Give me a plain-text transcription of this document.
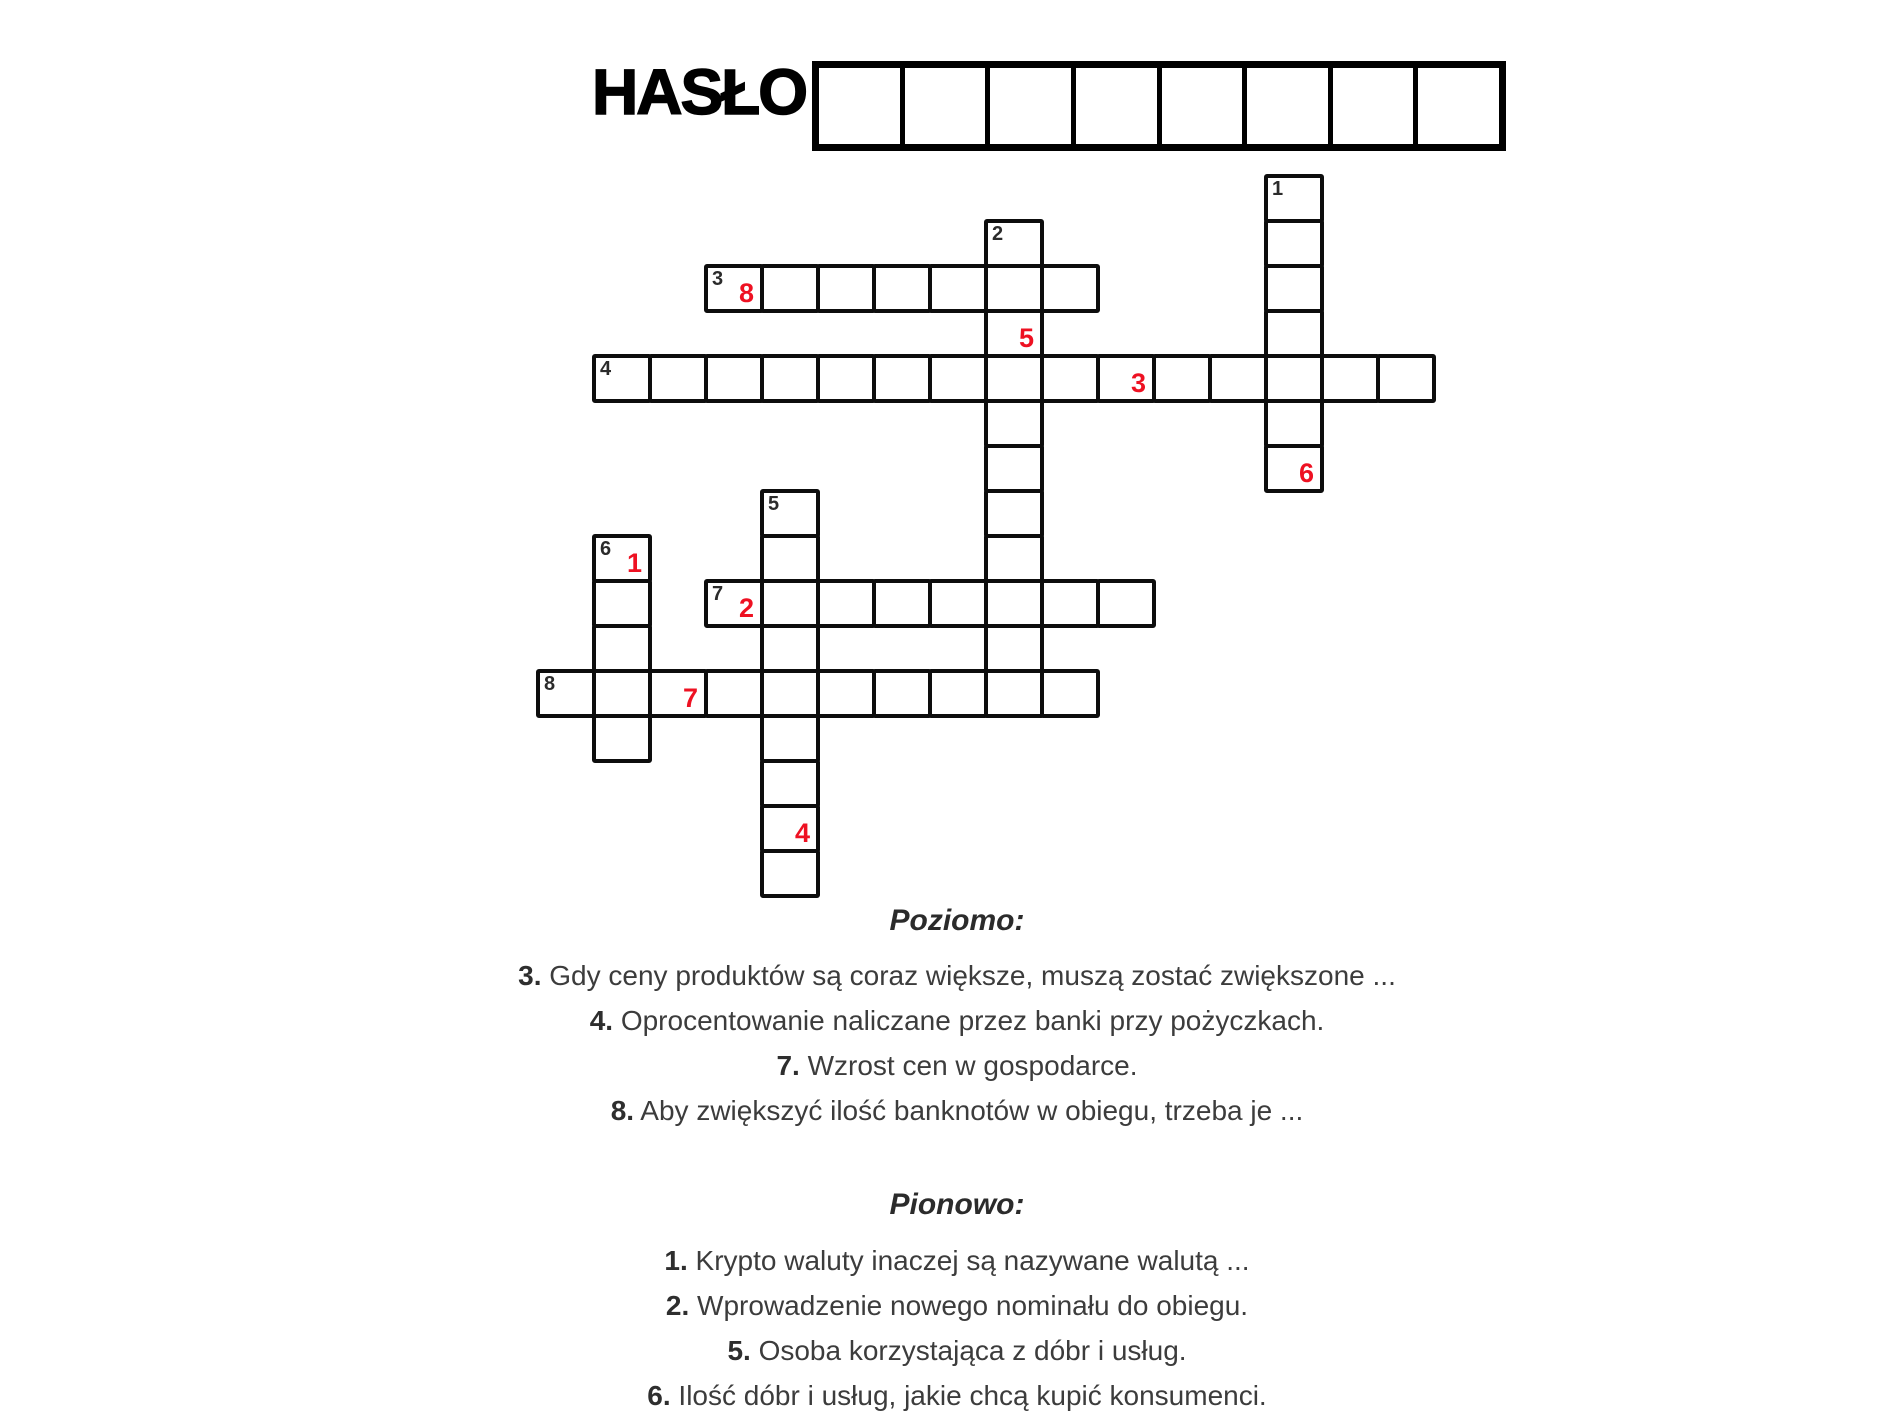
HASŁO
1
6
2
5
3 8
4	3
5
4
6 1
7 2
8	7
Poziomo:
3. Gdy ceny produktów są coraz większe, muszą zostać zwiększone ...
4. Oprocentowanie naliczane przez banki przy pożyczkach.
7. Wzrost cen w gospodarce.
8. Aby zwiększyć ilość banknotów w obiegu, trzeba je ...
Pionowo:
1. Krypto waluty inaczej są nazywane walutą ...
2. Wprowadzenie nowego nominału do obiegu.
5. Osoba korzystająca z dóbr i usług.
6. Ilość dóbr i usług, jakie chcą kupić konsumenci.
